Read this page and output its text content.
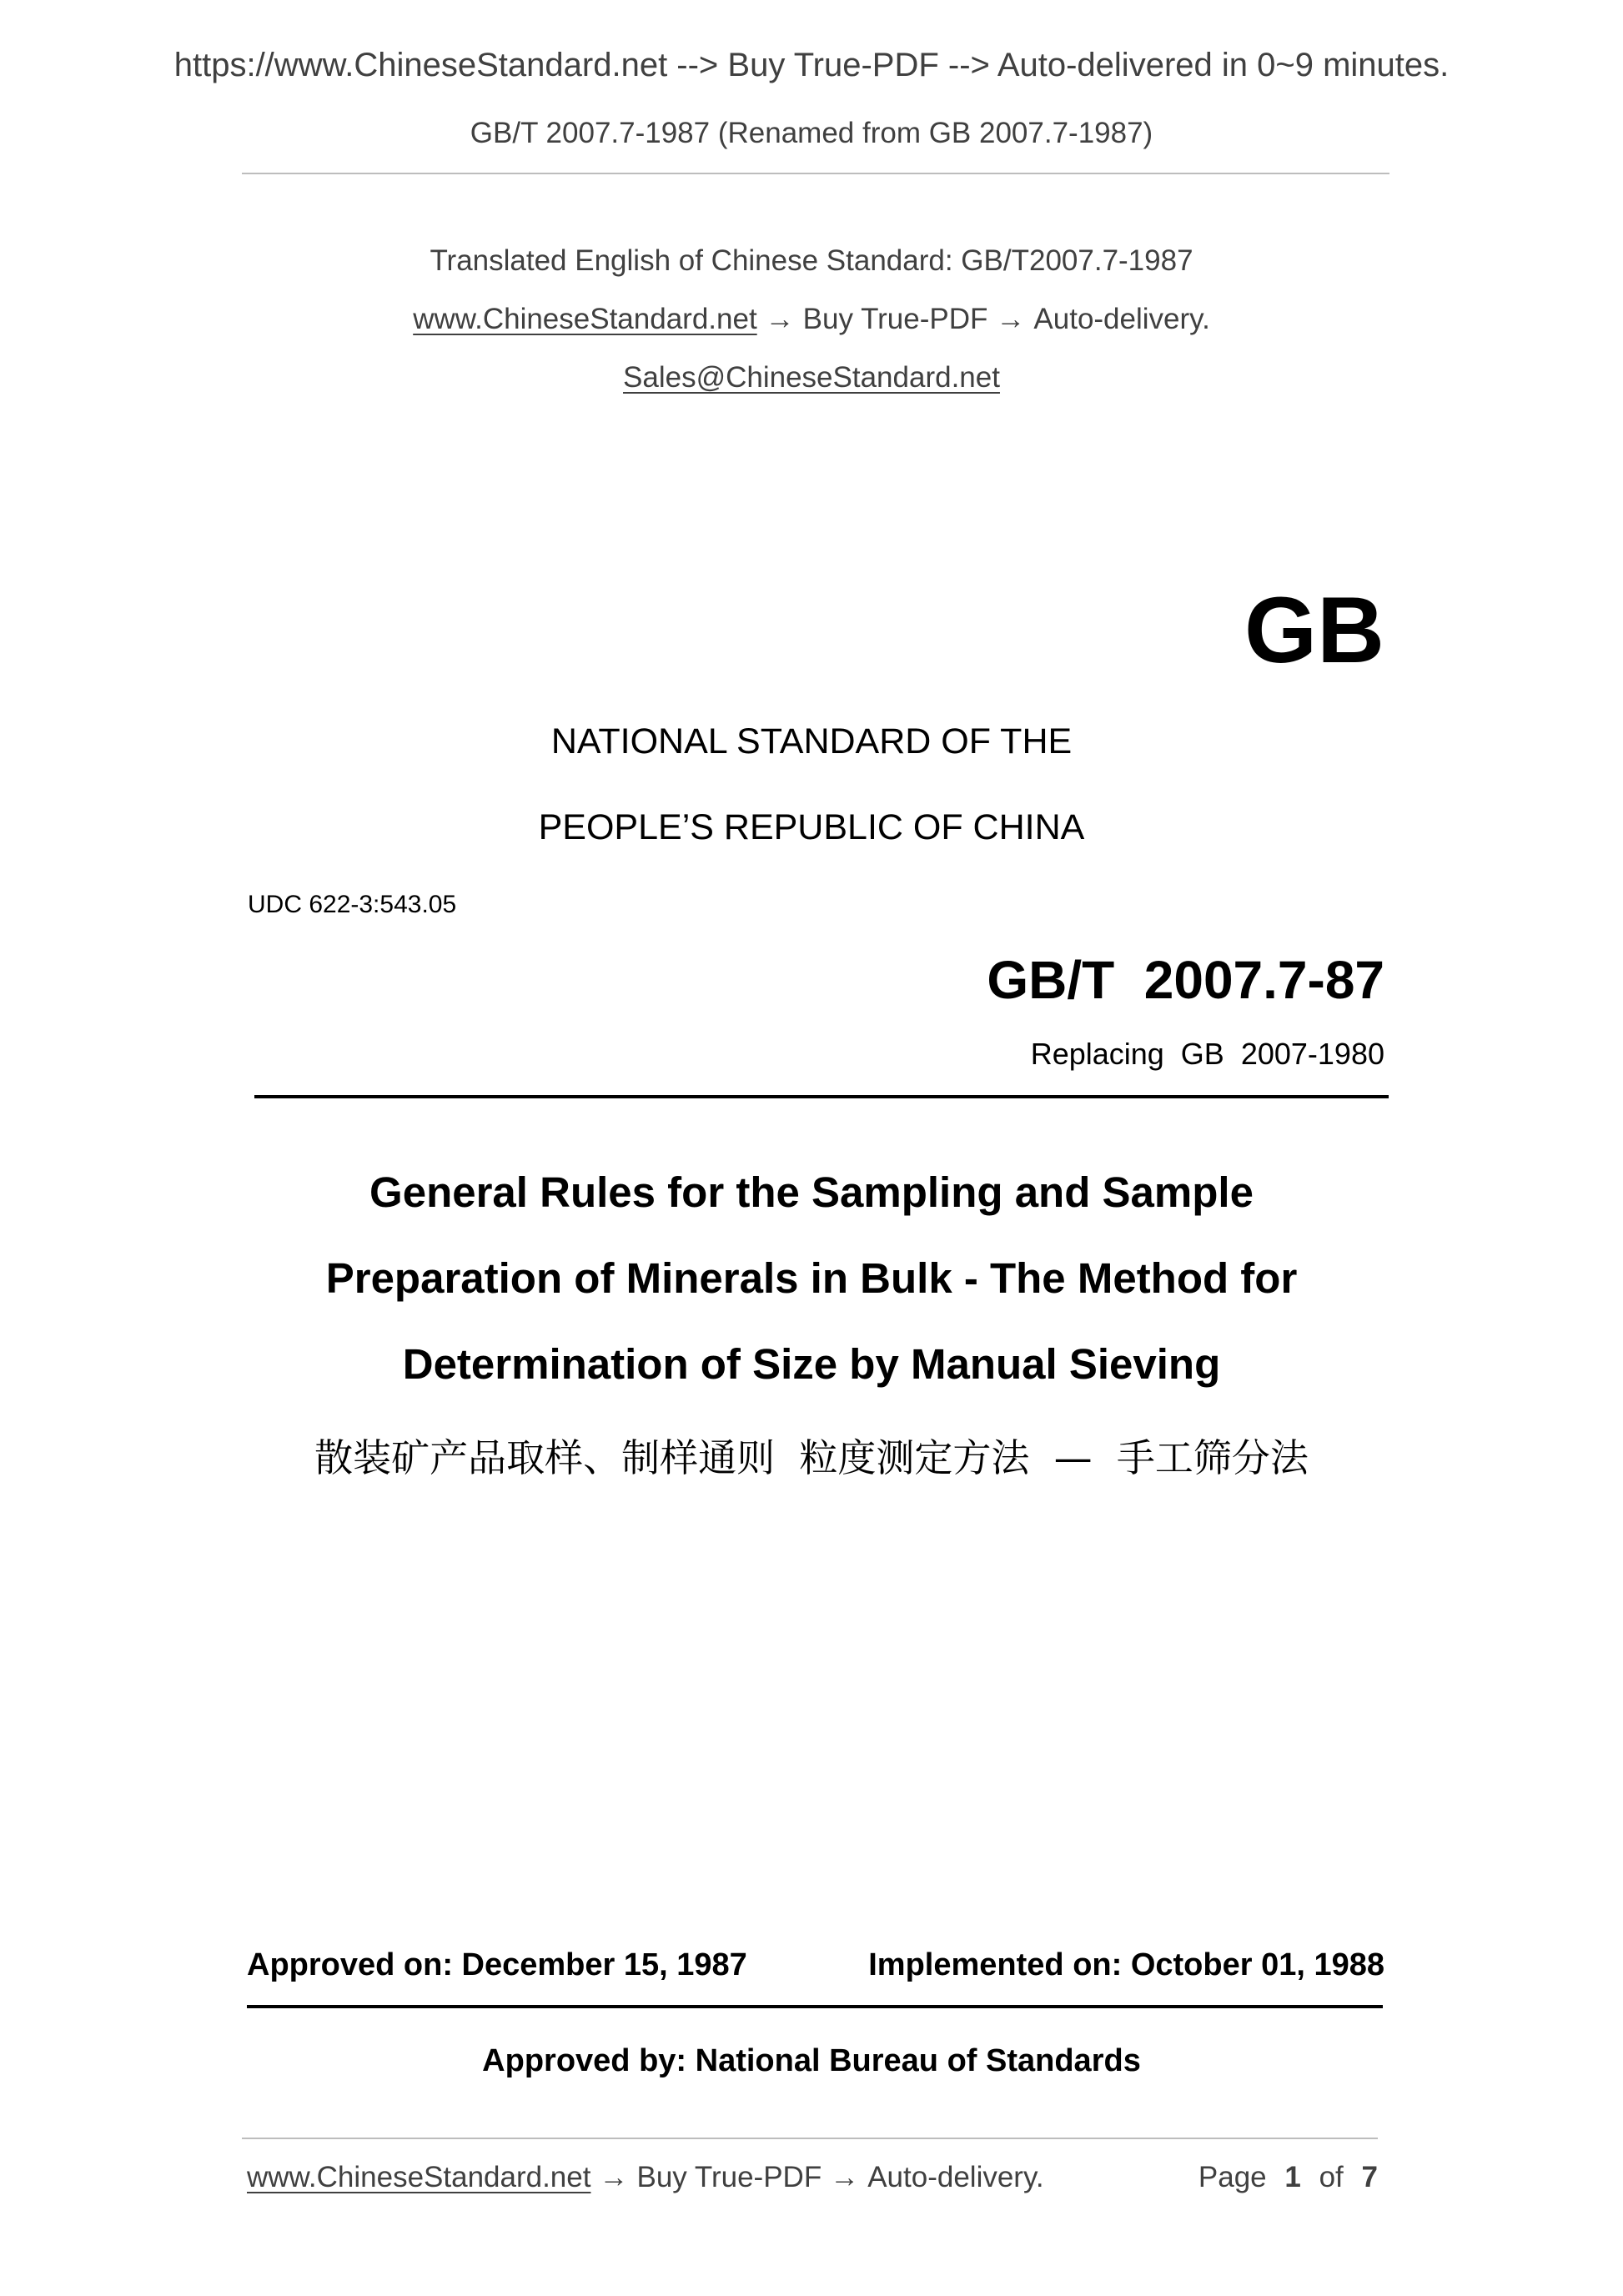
https://www.ChineseStandard.net --> Buy True-PDF --> Auto-delivered in 0~9 minutes.
GB/T 2007.7-1987 (Renamed from GB 2007.7-1987)
Translated English of Chinese Standard: GB/T2007.7-1987
www.ChineseStandard.net → Buy True-PDF → Auto-delivery.
Sales@ChineseStandard.net
GB
NATIONAL STANDARD OF THE
PEOPLE’S REPUBLIC OF CHINA
UDC 622-3:543.05
GB/T  2007.7-87
Replacing  GB  2007-1980
General Rules for the Sampling and Sample
Preparation of Minerals in Bulk - The Method for
Determination of Size by Manual Sieving
散装矿产品取样、制样通则  粒度测定方法  —  手工筛分法
Approved on: December 15, 1987	Implemented on: October 01, 1988
Approved by: National Bureau of Standards
www.ChineseStandard.net → Buy True-PDF → Auto-delivery.	Page 1 of 7
